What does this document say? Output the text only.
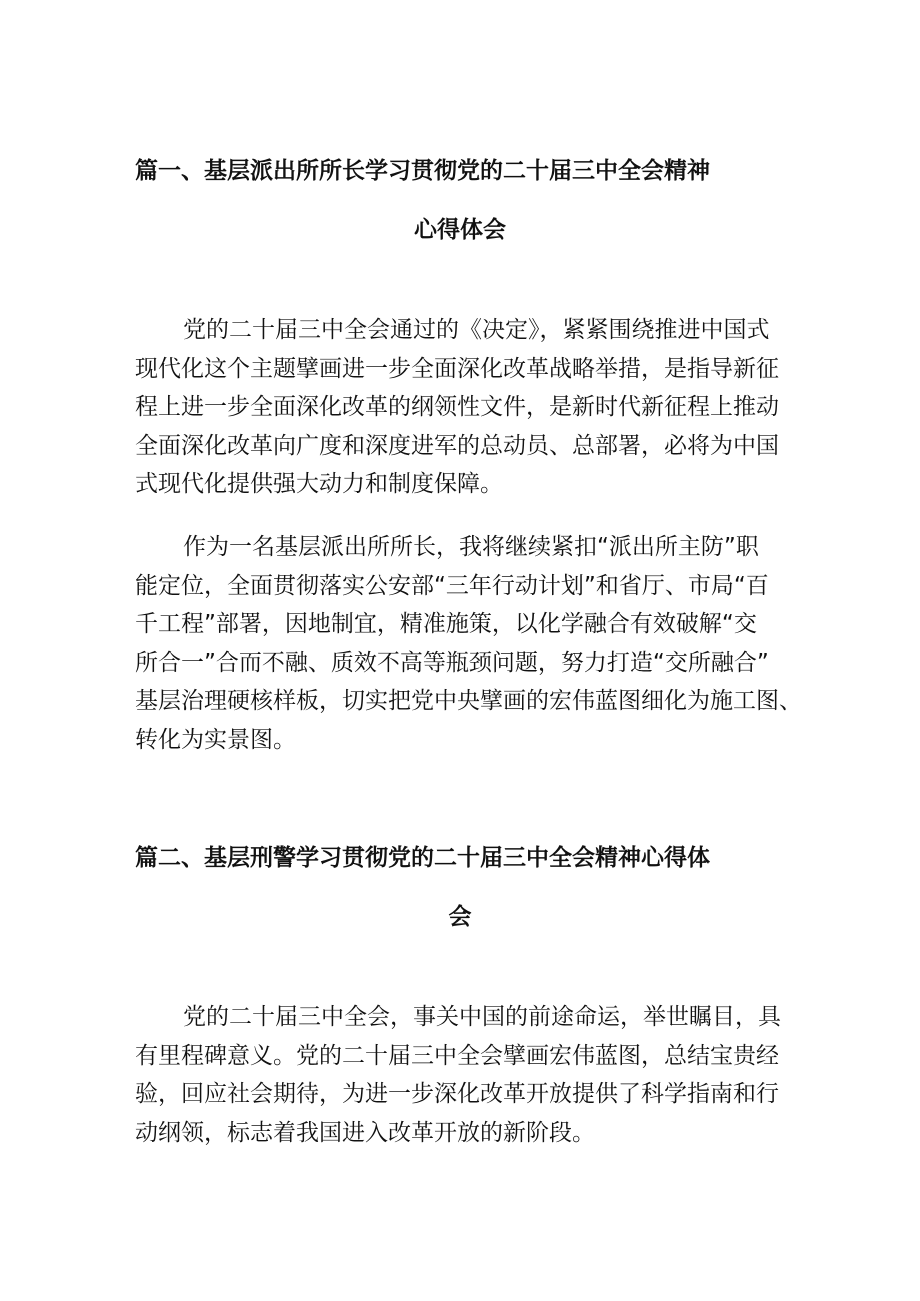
篇一、基层派出所所长学习贯彻党的二十届三中全会精神
心得体会
党的二十届三中全会通过的《决定》，紧紧围绕推进中国式
现代化这个主题擘画进一步全面深化改革战略举措，是指导新征
程上进一步全面深化改革的纲领性文件，是新时代新征程上推动
全面深化改革向广度和深度进军的总动员、总部署，必将为中国
式现代化提供强大动力和制度保障。
作为一名基层派出所所长，我将继续紧扣“派出所主防”职
能定位，全面贯彻落实公安部“三年行动计划”和省厅、市局“百
千工程”部署，因地制宜，精准施策，以化学融合有效破解“交
所合一”合而不融、质效不高等瓶颈问题，努力打造“交所融合”
基层治理硬核样板，切实把党中央擘画的宏伟蓝图细化为施工图、
转化为实景图。
篇二、基层刑警学习贯彻党的二十届三中全会精神心得体
会
党的二十届三中全会，事关中国的前途命运，举世瞩目，具
有里程碑意义。党的二十届三中全会擘画宏伟蓝图，总结宝贵经
验，回应社会期待，为进一步深化改革开放提供了科学指南和行
动纲领，标志着我国进入改革开放的新阶段。
